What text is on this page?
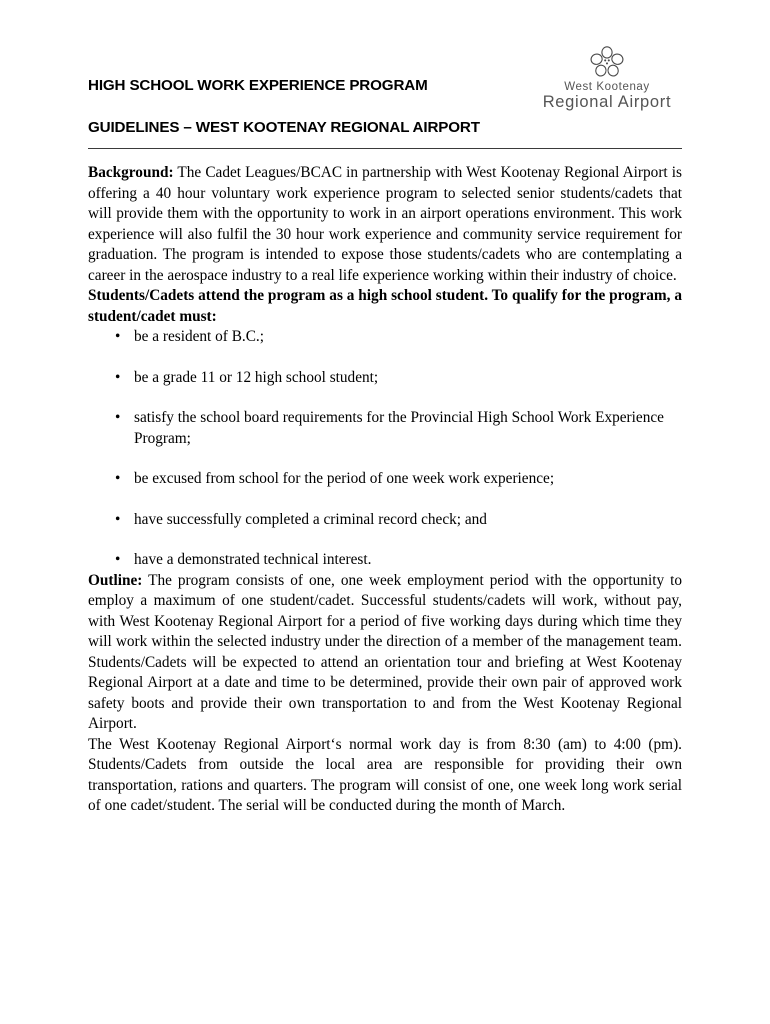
West Kootenay
Regional Airport
HIGH SCHOOL WORK EXPERIENCE PROGRAM
GUIDELINES – WEST KOOTENAY REGIONAL AIRPORT

Background: The Cadet Leagues/BCAC in partnership with West Kootenay Regional Airport is offering a 40 hour voluntary work experience program to selected senior students/cadets that will provide them with the opportunity to work in an airport operations environment. This work experience will also fulfil the 30 hour work experience and community service requirement for graduation. The program is intended to expose those students/cadets who are contemplating a career in the aerospace industry to a real life experience working within their industry of choice.

Students/Cadets attend the program as a high school student. To qualify for the program, a student/cadet must:

• be a resident of B.C.;
• be a grade 11 or 12 high school student;
• satisfy the school board requirements for the Provincial High School Work Experience Program;
• be excused from school for the period of one week work experience;
• have successfully completed a criminal record check; and
• have a demonstrated technical interest.

Outline: The program consists of one, one week employment period with the opportunity to employ a maximum of one student/cadet. Successful students/cadets will work, without pay, with West Kootenay Regional Airport for a period of five working days during which time they will work within the selected industry under the direction of a member of the management team. Students/Cadets will be expected to attend an orientation tour and briefing at West Kootenay Regional Airport at a date and time to be determined, provide their own pair of approved work safety boots and provide their own transportation to and from the West Kootenay Regional Airport.

The West Kootenay Regional Airport‘s normal work day is from 8:30 (am) to 4:00 (pm). Students/Cadets from outside the local area are responsible for providing their own transportation, rations and quarters. The program will consist of one, one week long work serial of one cadet/student. The serial will be conducted during the month of March.
